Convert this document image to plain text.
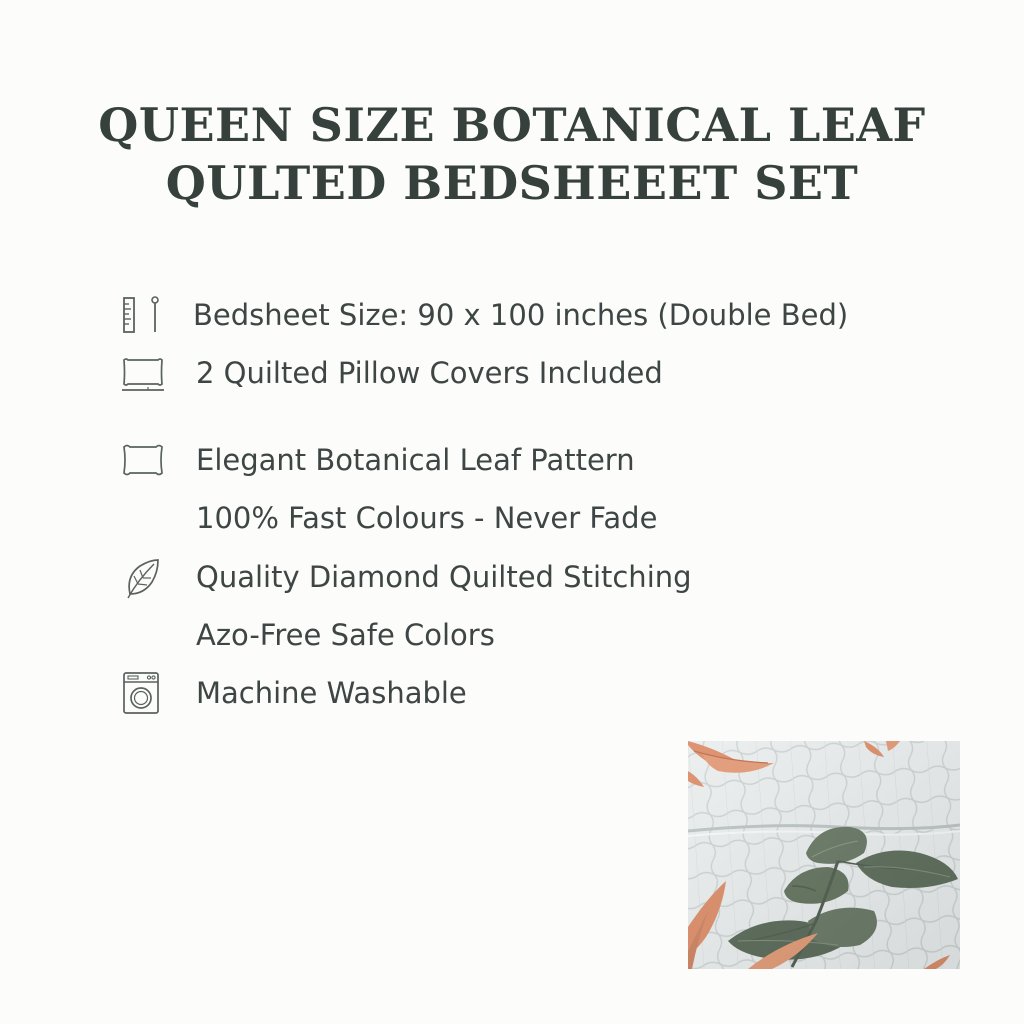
QUEEN SIZE BOTANICAL LEAF
QULTED BEDSHEEET SET
Bedsheet Size: 90 x 100 inches (Double Bed)
2 Quilted Pillow Covers Included
Elegant Botanical Leaf Pattern
100% Fast Colours - Never Fade
Quality Diamond Quilted Stitching
Azo-Free Safe Colors
Machine Washable
